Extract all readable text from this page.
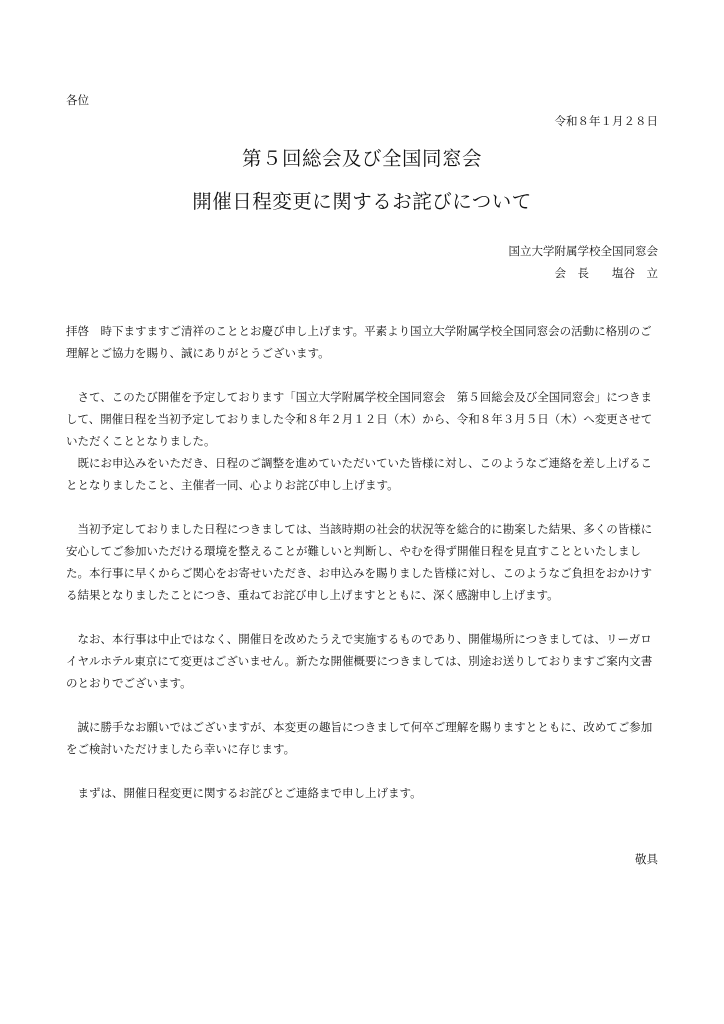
各位
令和８年１月２８日
第５回総会及び全国同窓会
開催日程変更に関するお詫びについて
国立大学附属学校全国同窓会
会　長　　塩谷　立

拝啓　時下ますますご清祥のこととお慶び申し上げます。平素より国立大学附属学校全国同窓会の活動に格別のご理解とご協力を賜り、誠にありがとうございます。

　さて、このたび開催を予定しております「国立大学附属学校全国同窓会　第５回総会及び全国同窓会」につきまして、開催日程を当初予定しておりました令和８年２月１２日（木）から、令和８年３月５日（木）へ変更させていただくこととなりました。

　既にお申込みをいただき、日程のご調整を進めていただいていた皆様に対し、このようなご連絡を差し上げることとなりましたこと、主催者一同、心よりお詫び申し上げます。

　当初予定しておりました日程につきましては、当該時期の社会的状況等を総合的に勘案した結果、多くの皆様に安心してご参加いただける環境を整えることが難しいと判断し、やむを得ず開催日程を見直すことといたしました。本行事に早くからご関心をお寄せいただき、お申込みを賜りました皆様に対し、このようなご負担をおかけする結果となりましたことにつき、重ねてお詫び申し上げますとともに、深く感謝申し上げます。

　なお、本行事は中止ではなく、開催日を改めたうえで実施するものであり、開催場所につきましては、リーガロイヤルホテル東京にて変更はございません。新たな開催概要につきましては、別途お送りしておりますご案内文書のとおりでございます。

　誠に勝手なお願いではございますが、本変更の趣旨につきまして何卒ご理解を賜りますとともに、改めてご参加をご検討いただけましたら幸いに存じます。

　まずは、開催日程変更に関するお詫びとご連絡まで申し上げます。

敬具
